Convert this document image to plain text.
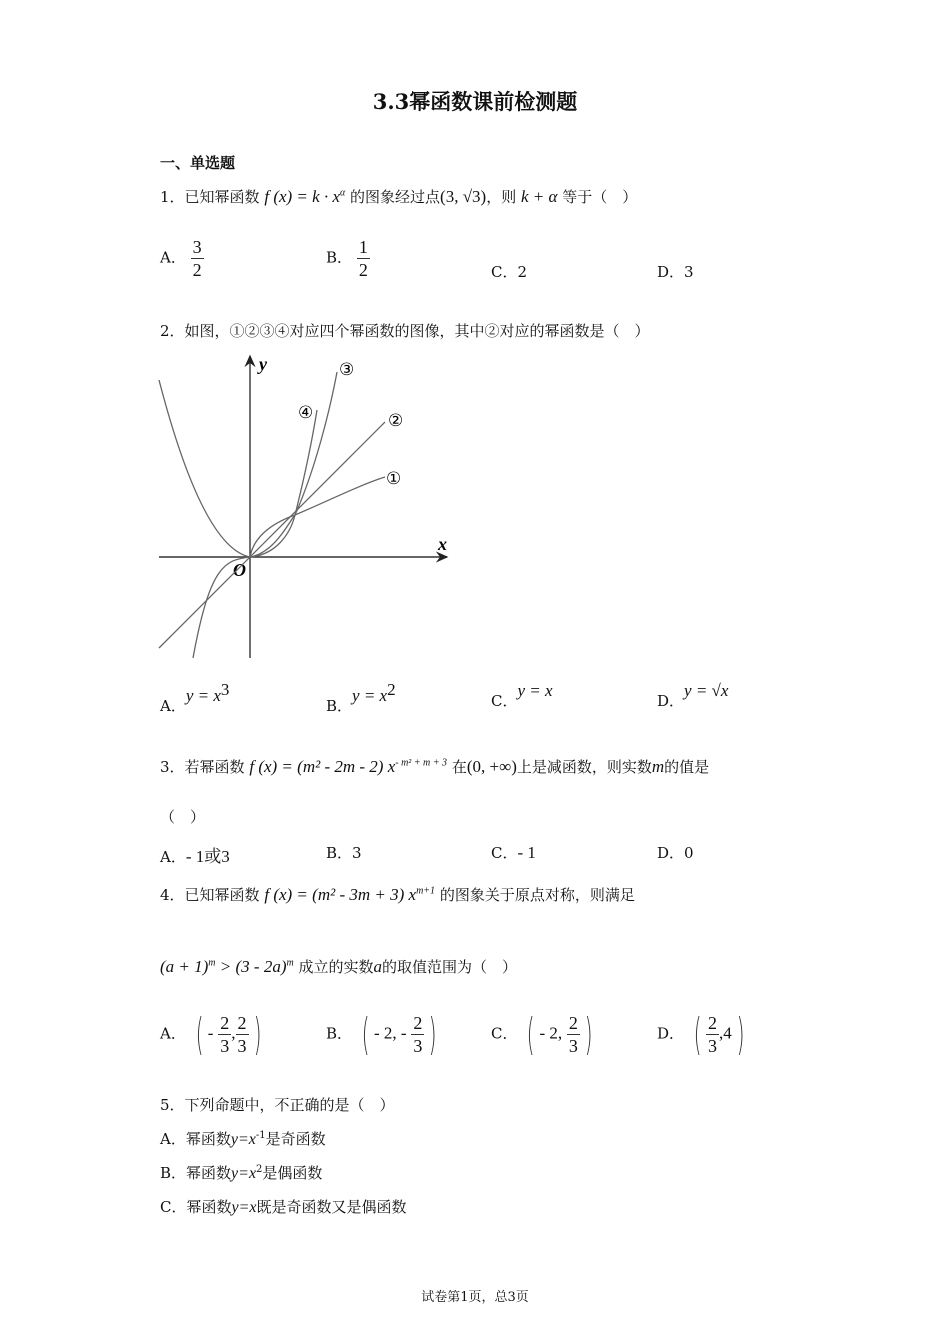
3.3幂函数课前检测题
一、单选题
1．已知幂函数 f $(x) = k \cdot x^\alpha$ 的图象经过点(3, √3)，则 k + α 等于（　）
A． $\frac{3}{2}$	B． $\frac{1}{2}$	C．2	D．3
2．如图，①②③④对应四个幂函数的图像，其中②对应的幂函数是（　）
y
x
O
③
④	②
①
A．$y = x^3$
B．$y = x^2$
C．y = x
D．y = √x
3．若幂函数 f (x) = (m² - 2m - 2) $x^{- m^2 + m + 3}$ 在(0, +∞)上是减函数，则实数m的值是
（　）
A．- 1或3	B．3	C．- 1	D．0
4．已知幂函数 f (x) = (m² - 3m + 3) $x^{m+1}$ 的图象关于原点对称，则满足
$(a + 1)^m > (3 - 2a)^m$ 成立的实数a的取值范围为（　）
A． ( - $\frac{2}{3}$ , $\frac{2}{3}$ )	B． ( - 2, - $\frac{2}{3}$ )	C． ( - 2, $\frac{2}{3}$ )	D． ( $\frac{2}{3} ,4$ )
5．下列命题中，不正确的是（　）
A．幂函数$y=x^{-1}$是奇函数
B．幂函数$y=x^2$是偶函数
C．幂函数y=x既是奇函数又是偶函数
试卷第1页，总3页
